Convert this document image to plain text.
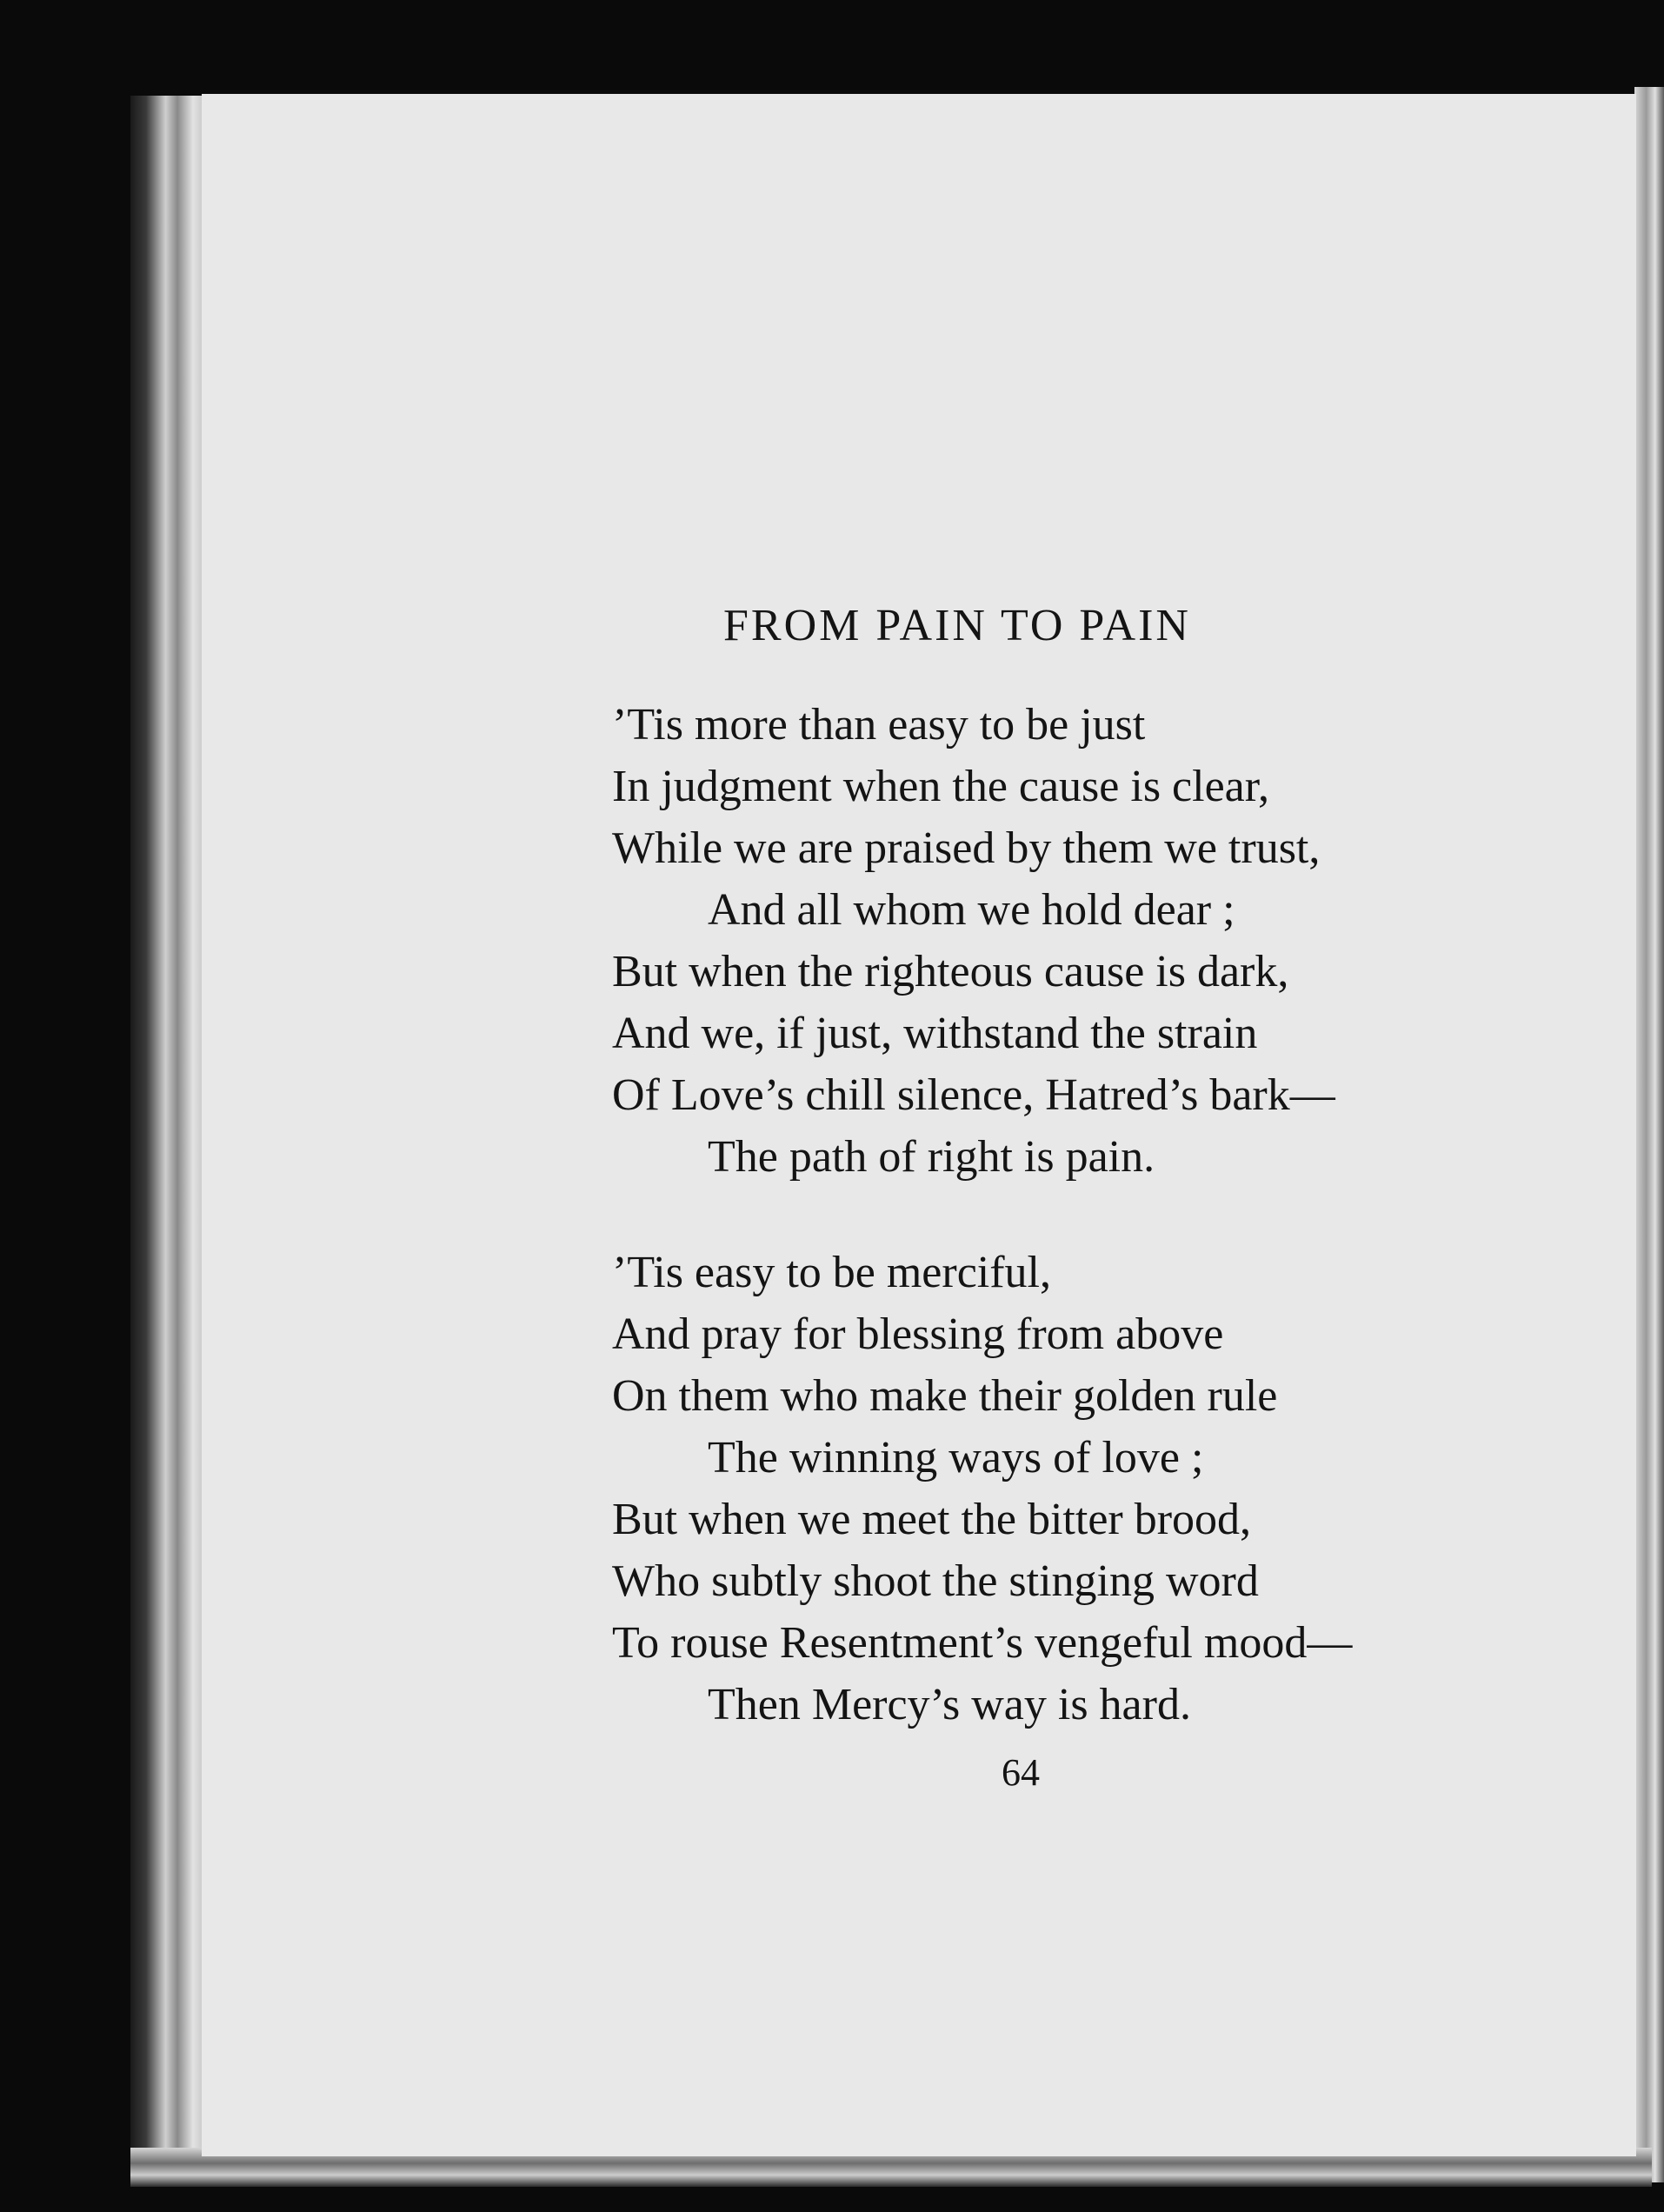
FROM PAIN TO PAIN
’Tis more than easy to be just
In judgment when the cause is clear,
While we are praised by them we trust,
And all whom we hold dear ;
But when the righteous cause is dark,
And we, if just, withstand the strain
Of Love’s chill silence, Hatred’s bark—
The path of right is pain.
’Tis easy to be merciful,
And pray for blessing from above
On them who make their golden rule
The winning ways of love ;
But when we meet the bitter brood,
Who subtly shoot the stinging word
To rouse Resentment’s vengeful mood—
Then Mercy’s way is hard.
64
